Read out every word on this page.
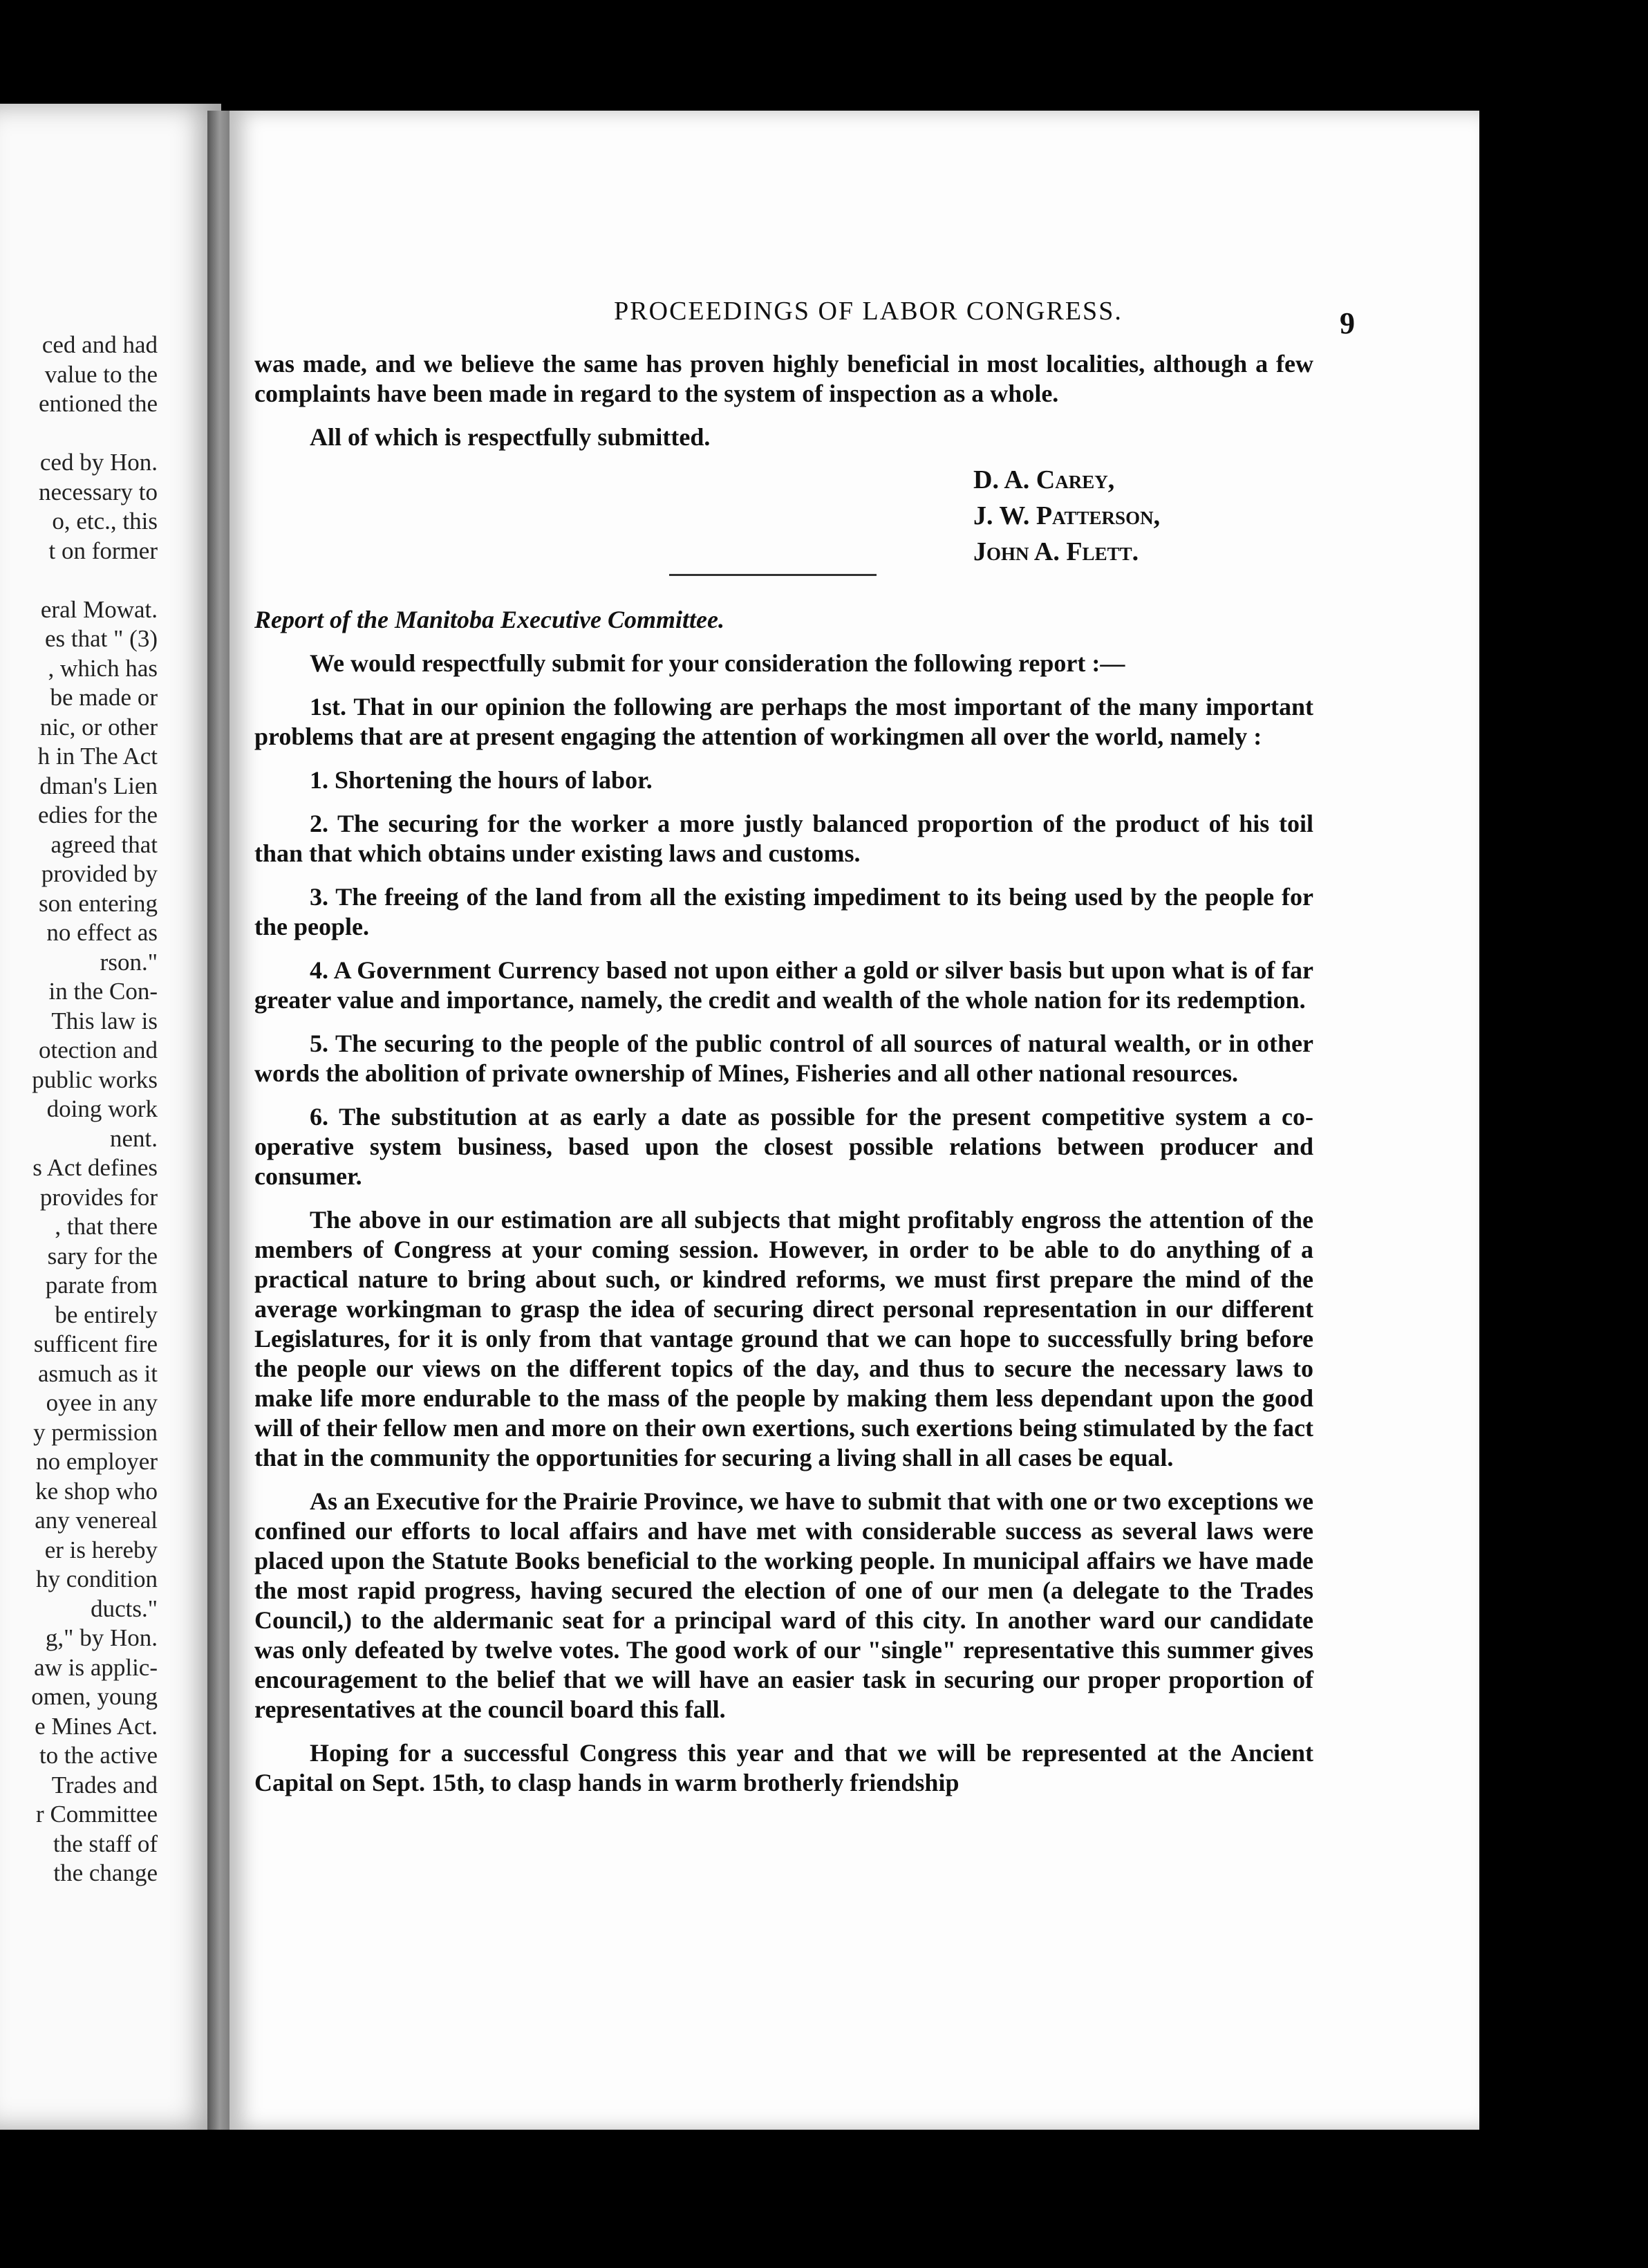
ced and had
value to the
entioned the

ced by Hon.
necessary to
o, etc., this
t on former

eral Mowat.
es that " (3)
, which has
be made or
nic, or other
h in The Act
dman's Lien
edies for the
agreed that
provided by
son entering
no effect as
rson."
in the Con-
This law is
otection and
public works
doing work
nent.
s Act defines
provides for
, that there
sary for the
parate from
be entirely
sufficent fire
asmuch as it
oyee in any
y permission
no employer
ke shop who
any venereal
er is hereby
hy condition
ducts."
g," by Hon.
aw is applic-
omen, young
e Mines Act.
to the active
Trades and
r Committee
the staff of
the change
PROCEEDINGS OF LABOR CONGRESS.	9

was made, and we believe the same has proven highly beneficial in most localities, although a few complaints have been made in regard to the system of inspection as a whole.

All of which is respectfully submitted.

D. A. Carey,
J. W. Patterson,
John A. Flett.

Report of the Manitoba Executive Committee.

We would respectfully submit for your consideration the following report :—

1st. That in our opinion the following are perhaps the most important of the many important problems that are at present engaging the attention of workingmen all over the world, namely :

1. Shortening the hours of labor.

2. The securing for the worker a more justly balanced proportion of the product of his toil than that which obtains under existing laws and customs.

3. The freeing of the land from all the existing impediment to its being used by the people for the people.

4. A Government Currency based not upon either a gold or silver basis but upon what is of far greater value and importance, namely, the credit and wealth of the whole nation for its redemption.

5. The securing to the people of the public control of all sources of natural wealth, or in other words the abolition of private ownership of Mines, Fisheries and all other national resources.

6. The substitution at as early a date as possible for the present competitive system a co-operative system business, based upon the closest possible relations between producer and consumer.

The above in our estimation are all subjects that might profitably engross the attention of the members of Congress at your coming session. However, in order to be able to do anything of a practical nature to bring about such, or kindred reforms, we must first prepare the mind of the average workingman to grasp the idea of securing direct personal representation in our different Legislatures, for it is only from that vantage ground that we can hope to successfully bring before the people our views on the different topics of the day, and thus to secure the necessary laws to make life more endurable to the mass of the people by making them less dependant upon the good will of their fellow men and more on their own exertions, such exertions being stimulated by the fact that in the community the opportunities for securing a living shall in all cases be equal.

As an Executive for the Prairie Province, we have to submit that with one or two exceptions we confined our efforts to local affairs and have met with considerable success as several laws were placed upon the Statute Books beneficial to the working people. In municipal affairs we have made the most rapid progress, having secured the election of one of our men (a delegate to the Trades Council,) to the aldermanic seat for a principal ward of this city. In another ward our candidate was only defeated by twelve votes. The good work of our "single" representative this summer gives encouragement to the belief that we will have an easier task in securing our proper proportion of representatives at the council board this fall.

Hoping for a successful Congress this year and that we will be represented at the Ancient Capital on Sept. 15th, to clasp hands in warm brotherly friendship
